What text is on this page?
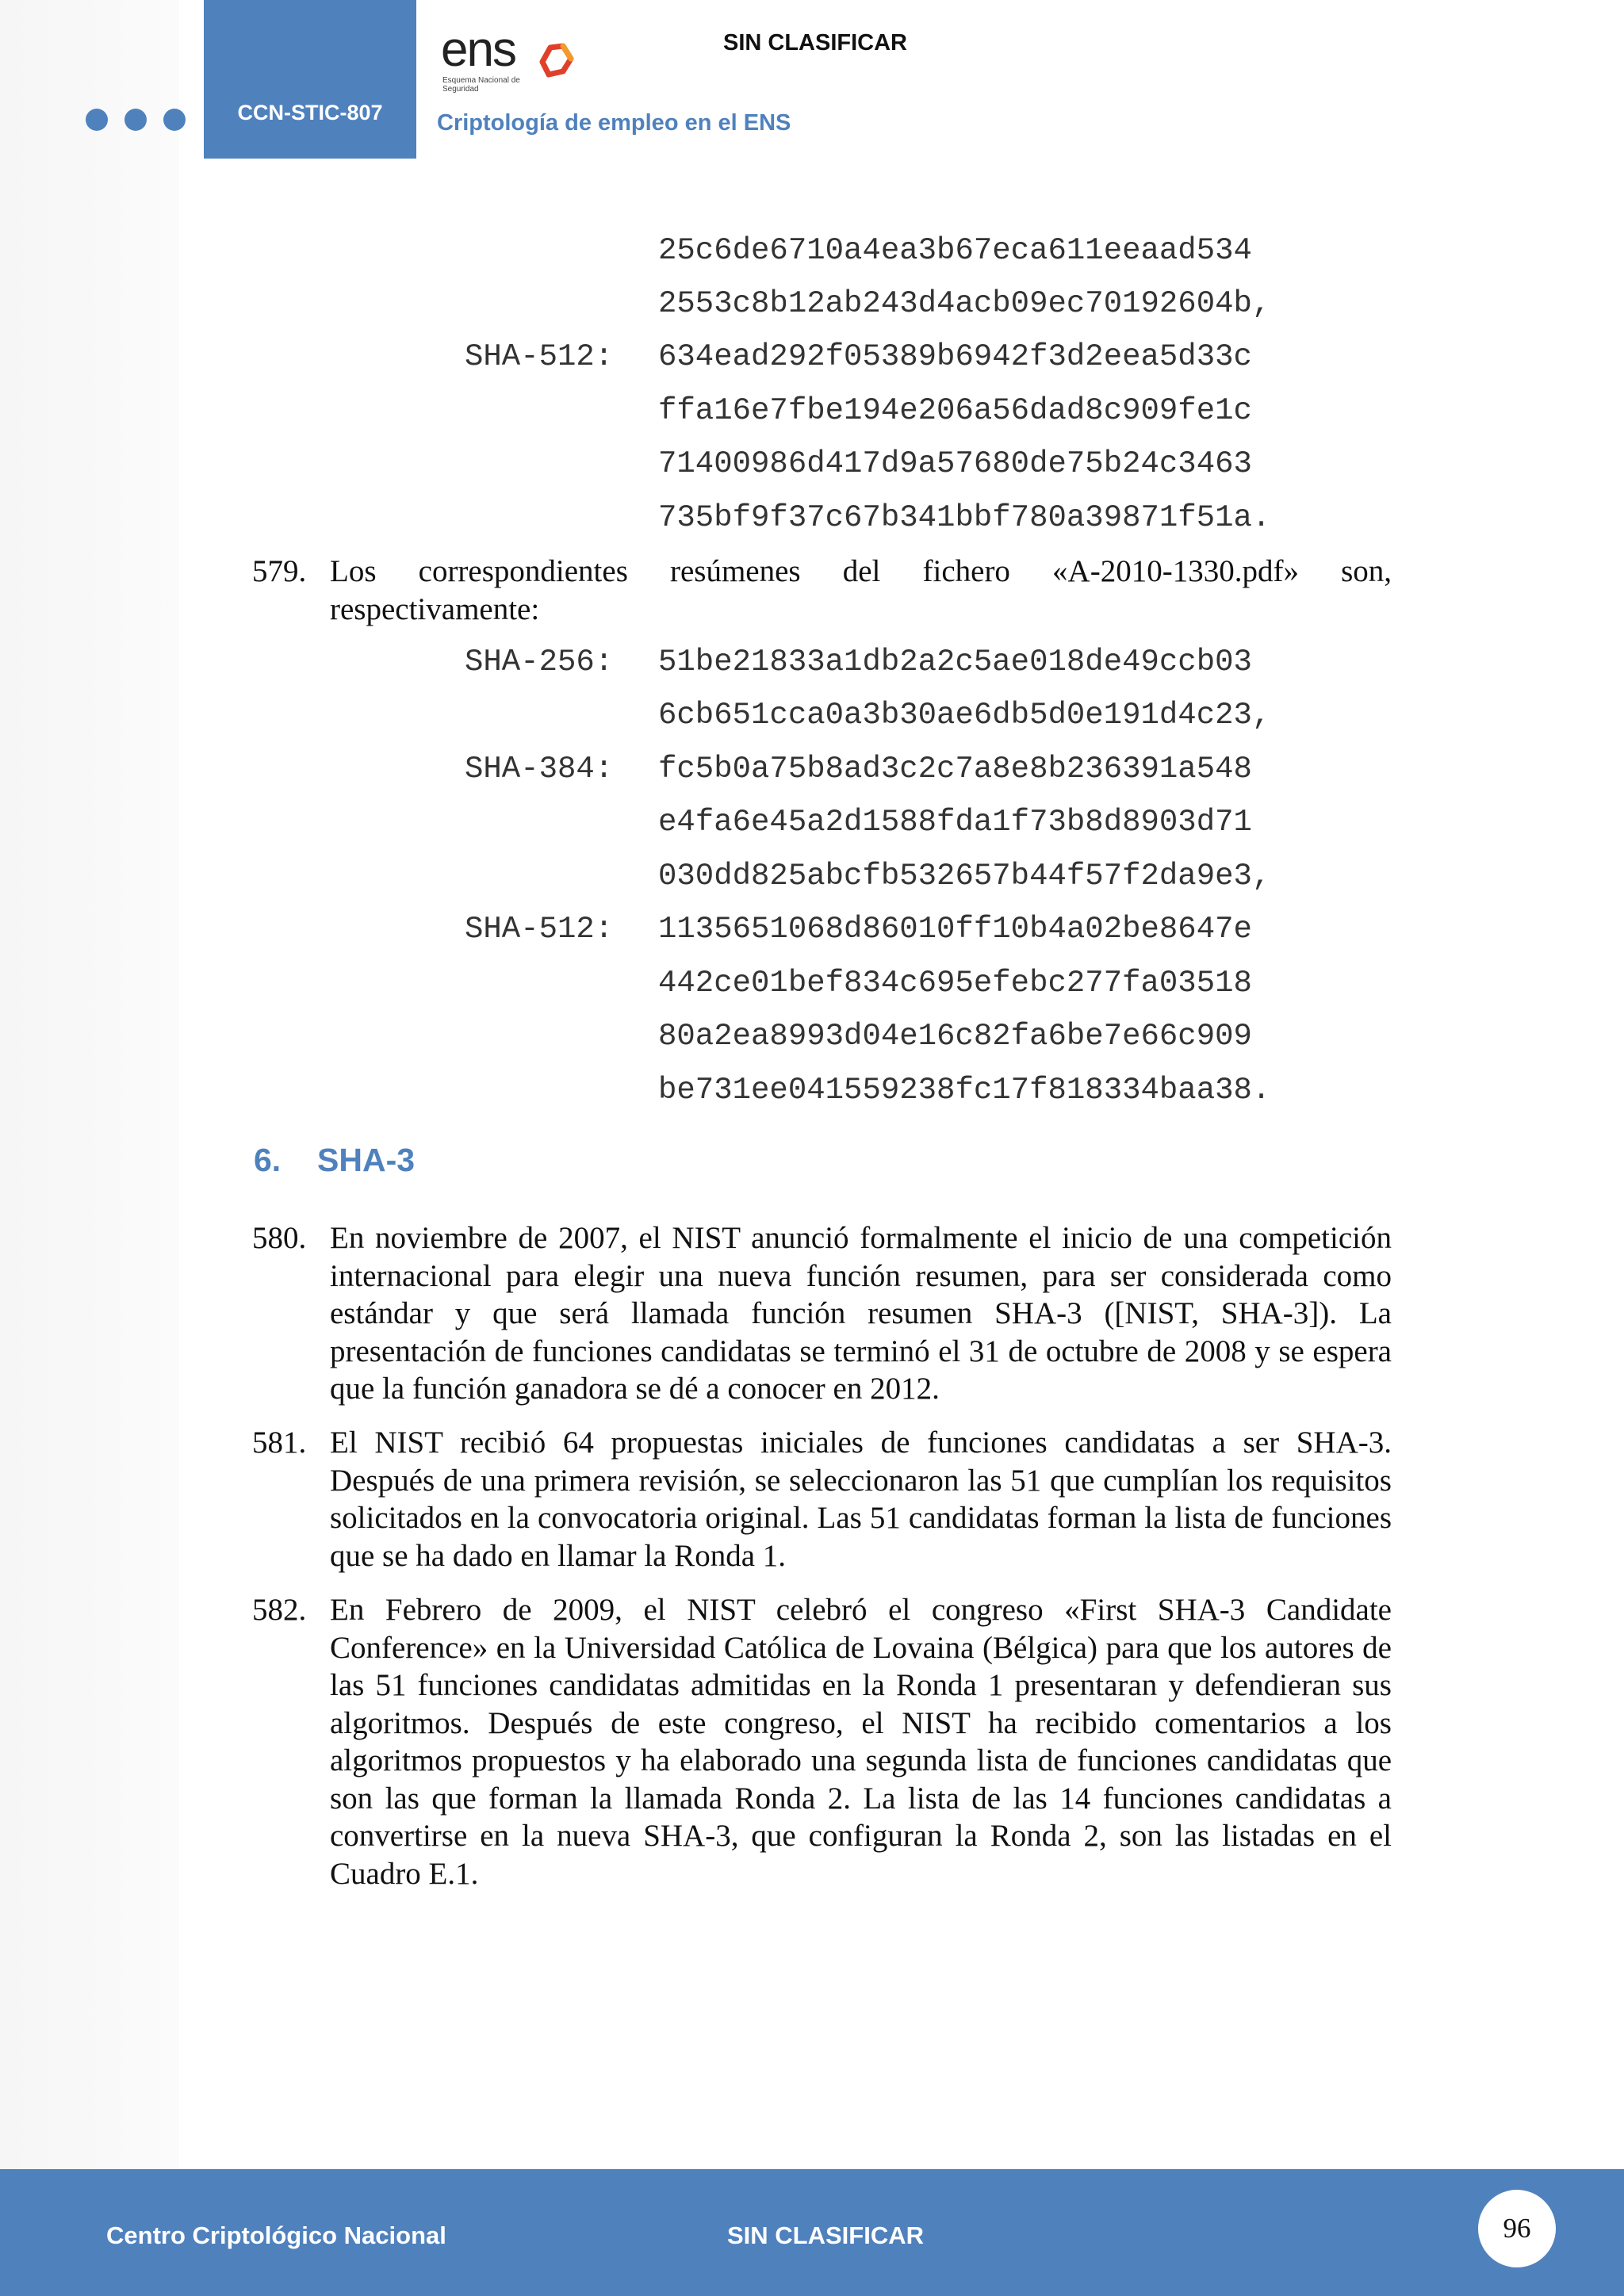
CCN-STIC-807
ens
Esquema Nacional de Seguridad
SIN CLASIFICAR
Criptología de empleo en el ENS
25c6de6710a4ea3b67eca611eeaad534
2553c8b12ab243d4acb09ec70192604b,
SHA-512: 634ead292f05389b6942f3d2eea5d33c
ffa16e7fbe194e206a56dad8c909fe1c
71400986d417d9a57680de75b24c3463
735bf9f37c67b341bbf780a39871f51a.
579. Los correspondientes resúmenes del fichero «A-2010-1330.pdf» son, respectivamente:
SHA-256: 51be21833a1db2a2c5ae018de49ccb03
6cb651cca0a3b30ae6db5d0e191d4c23,
SHA-384: fc5b0a75b8ad3c2c7a8e8b236391a548
e4fa6e45a2d1588fda1f73b8d8903d71
030dd825abcfb532657b44f57f2da9e3,
SHA-512: 1135651068d86010ff10b4a02be8647e
442ce01bef834c695efebc277fa03518
80a2ea8993d04e16c82fa6be7e66c909
be731ee041559238fc17f818334baa38.
6. SHA-3
580. En noviembre de 2007, el NIST anunció formalmente el inicio de una competición internacional para elegir una nueva función resumen, para ser considerada como estándar y que será llamada función resumen SHA-3 ([NIST, SHA-3]). La presentación de funciones candidatas se terminó el 31 de octubre de 2008 y se espera que la función ganadora se dé a conocer en 2012.
581. El NIST recibió 64 propuestas iniciales de funciones candidatas a ser SHA-3. Después de una primera revisión, se seleccionaron las 51 que cumplían los requisitos solicitados en la convocatoria original. Las 51 candidatas forman la lista de funciones que se ha dado en llamar la Ronda 1.
582. En Febrero de 2009, el NIST celebró el congreso «First SHA-3 Candidate Conference» en la Universidad Católica de Lovaina (Bélgica) para que los autores de las 51 funciones candidatas admitidas en la Ronda 1 presentaran y defendieran sus algoritmos. Después de este congreso, el NIST ha recibido comentarios a los algoritmos propuestos y ha elaborado una segunda lista de funciones candidatas que son las que forman la llamada Ronda 2. La lista de las 14 funciones candidatas a convertirse en la nueva SHA-3, que configuran la Ronda 2, son las listadas en el Cuadro E.1.
Centro Criptológico Nacional	SIN CLASIFICAR	96
